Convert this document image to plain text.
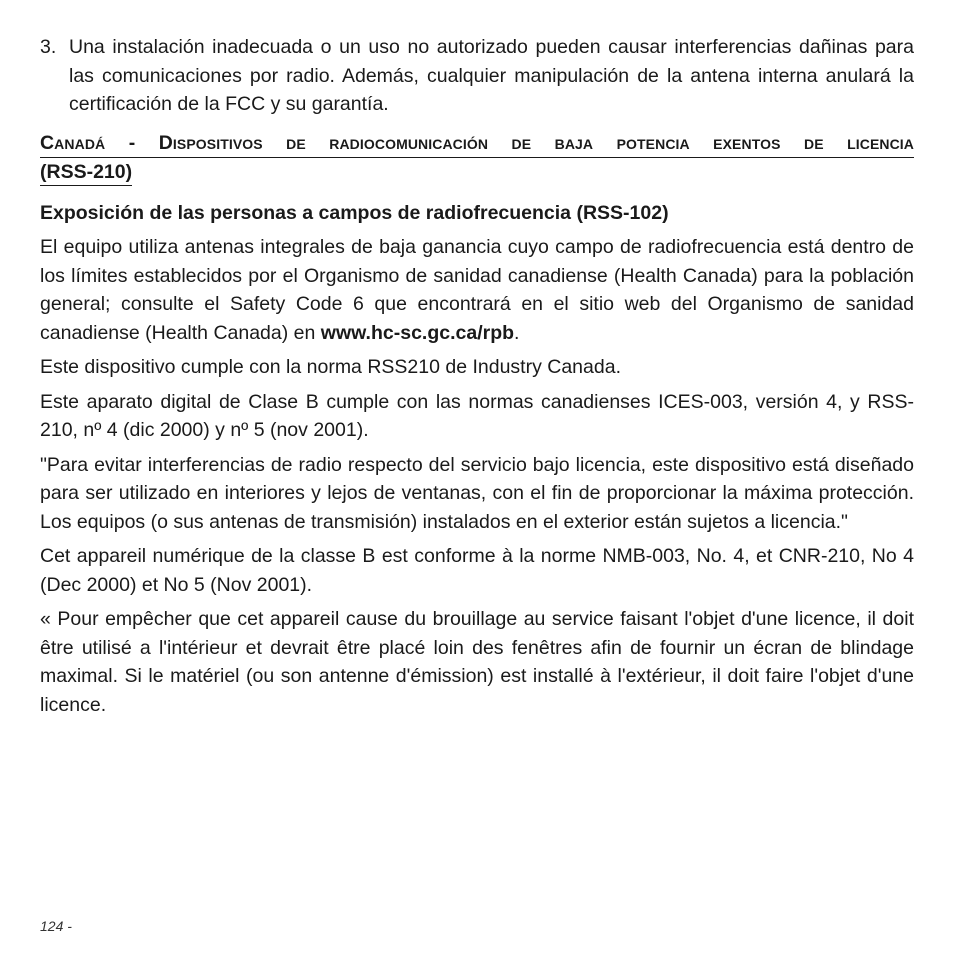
3. Una instalación inadecuada o un uso no autorizado pueden causar interferencias dañinas para las comunicaciones por radio. Además, cualquier manipulación de la antena interna anulará la certificación de la FCC y su garantía.
Canadá - Dispositivos de radiocomunicación de baja potencia exentos de licencia
(RSS-210)
Exposición de las personas a campos de radiofrecuencia (RSS-102)

El equipo utiliza antenas integrales de baja ganancia cuyo campo de radiofrecuencia está dentro de los límites establecidos por el Organismo de sanidad canadiense (Health Canada) para la población general; consulte el Safety Code 6 que encontrará en el sitio web del Organismo de sanidad canadiense (Health Canada) en www.hc-sc.gc.ca/rpb.

Este dispositivo cumple con la norma RSS210 de Industry Canada.

Este aparato digital de Clase B cumple con las normas canadienses ICES-003, versión 4, y RSS-210, nº 4 (dic 2000) y nº 5 (nov 2001).

"Para evitar interferencias de radio respecto del servicio bajo licencia, este dispositivo está diseñado para ser utilizado en interiores y lejos de ventanas, con el fin de proporcionar la máxima protección. Los equipos (o sus antenas de transmisión) instalados en el exterior están sujetos a licencia."

Cet appareil numérique de la classe B est conforme à la norme NMB-003, No. 4, et CNR-210, No 4 (Dec 2000) et No 5 (Nov 2001).

« Pour empêcher que cet appareil cause du brouillage au service faisant l'objet d'une licence, il doit être utilisé a l'intérieur et devrait être placé loin des fenêtres afin de fournir un écran de blindage maximal. Si le matériel (ou son antenne d'émission) est installé à l'extérieur, il doit faire l'objet d'une licence.

124 -
